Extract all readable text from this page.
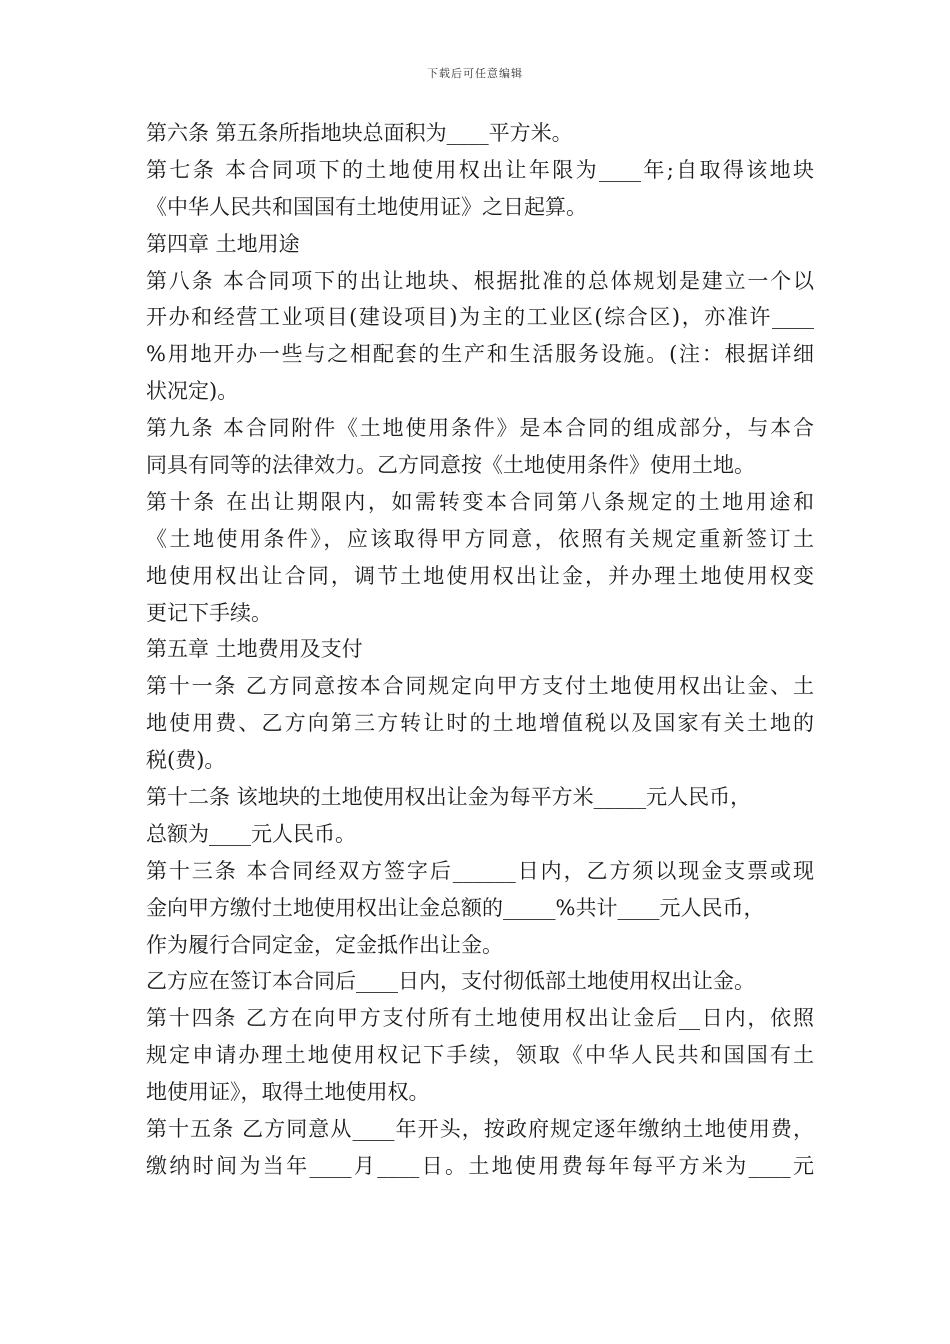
下载后可任意编辑
第六条 第五条所指地块总面积为____平方米。
第七条 本合同项下的土地使用权出让年限为____年;自取得该地块
《中华人民共和国国有土地使用证》之日起算。
第四章 土地用途
第八条 本合同项下的出让地块、根据批准的总体规划是建立一个以
开办和经营工业项目(建设项目)为主的工业区(综合区)，亦准许____
%用地开办一些与之相配套的生产和生活服务设施。(注：根据详细
状况定)。
第九条 本合同附件《土地使用条件》是本合同的组成部分，与本合
同具有同等的法律效力。乙方同意按《土地使用条件》使用土地。
第十条 在出让期限内，如需转变本合同第八条规定的土地用途和
《土地使用条件》，应该取得甲方同意，依照有关规定重新签订土
地使用权出让合同，调节土地使用权出让金，并办理土地使用权变
更记下手续。
第五章 土地费用及支付
第十一条 乙方同意按本合同规定向甲方支付土地使用权出让金、土
地使用费、乙方向第三方转让时的土地增值税以及国家有关土地的
税(费)。
第十二条 该地块的土地使用权出让金为每平方米_____元人民币，
总额为____元人民币。
第十三条 本合同经双方签字后______日内，乙方须以现金支票或现
金向甲方缴付土地使用权出让金总额的_____%共计____元人民币，
作为履行合同定金，定金抵作出让金。
乙方应在签订本合同后____日内，支付彻低部土地使用权出让金。
第十四条 乙方在向甲方支付所有土地使用权出让金后__日内，依照
规定申请办理土地使用权记下手续，领取《中华人民共和国国有土
地使用证》，取得土地使用权。
第十五条 乙方同意从____年开头，按政府规定逐年缴纳土地使用费，
缴纳时间为当年____月____日。土地使用费每年每平方米为____元
